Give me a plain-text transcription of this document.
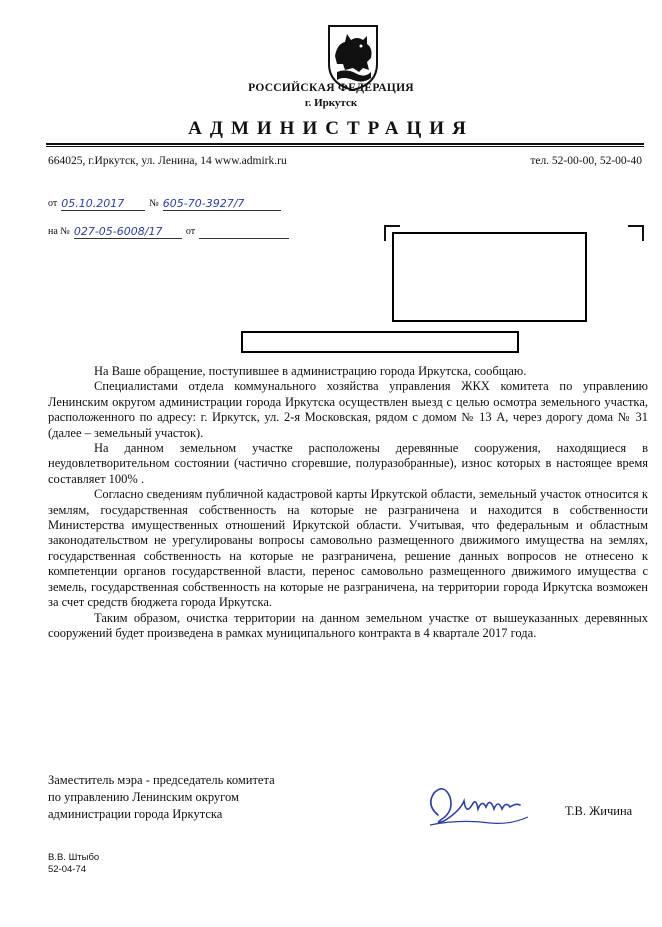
РОССИЙСКАЯ ФЕДЕРАЦИЯ
г. Иркутск
АДМИНИСТРАЦИЯ
664025, г.Иркутск, ул. Ленина, 14 www.admirk.ru	тел. 52-00-00, 52-00-40
от 05.10.2017	№ 605-70-3927/7
на № 027-05-6008/17 от

На Ваше обращение, поступившее в администрацию города Иркутска, сообщаю.

Специалистами отдела коммунального хозяйства управления ЖКХ комитета по управлению Ленинским округом администрации города Иркутска осуществлен выезд с целью осмотра земельного участка, расположенного по адресу: г. Иркутск, ул. 2-я Московская, рядом с домом № 13 А, через дорогу дома № 31 (далее – земельный участок).

На данном земельном участке расположены деревянные сооружения, находящиеся в неудовлетворительном состоянии (частично сгоревшие, полуразобранные), износ которых в настоящее время составляет 100% .

Согласно сведениям публичной кадастровой карты Иркутской области, земельный участок относится к землям, государственная собственность на которые не разграничена и находится в собственности Министерства имущественных отношений Иркутской области. Учитывая, что федеральным и областным законодательством не урегулированы вопросы самовольно размещенного движимого имущества на землях, государственная собственность на которые не разграничена, решение данных вопросов не отнесено к компетенции органов государственной власти, перенос самовольно размещенного движимого имущества с земель, государственная собственность на которые не разграничена, на территории города Иркутска возможен за счет средств бюджета города Иркутска.

Таким образом, очистка территории на данном земельном участке от вышеуказанных деревянных сооружений будет произведена в рамках муниципального контракта в 4 квартале 2017 года.

Заместитель мэра - председатель комитета
по управлению Ленинским округом
администрации города Иркутска	Т.В. Жичина
В.В. Штыбо
52-04-74
